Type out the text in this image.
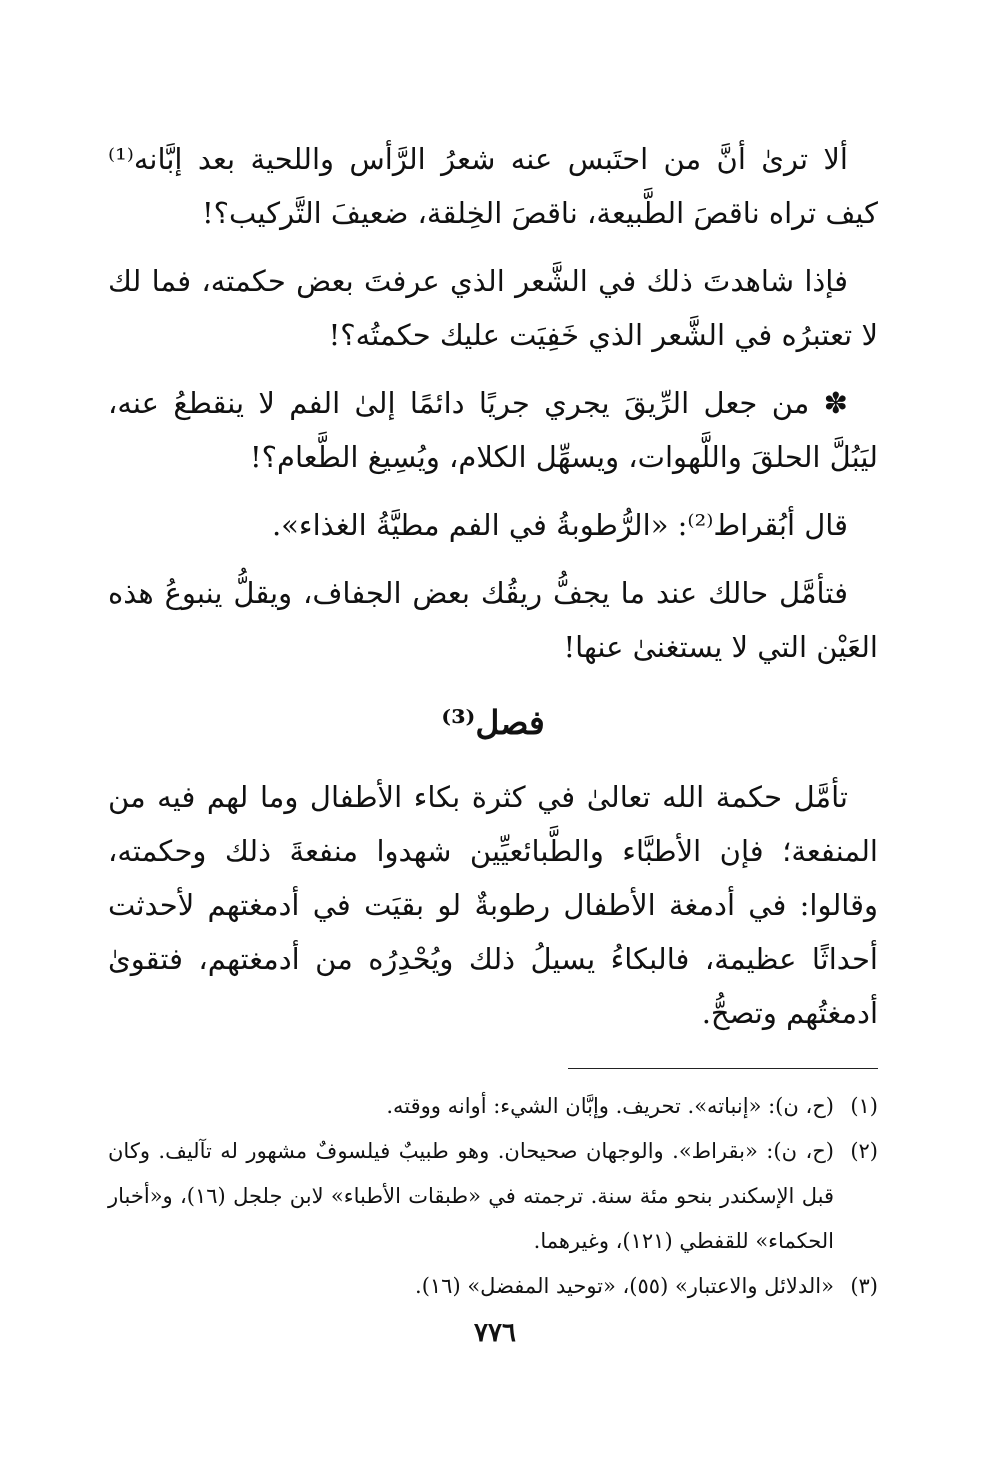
ألا ترىٰ أنَّ من احتَبس عنه شعرُ الرَّأس واللحية بعد إبَّانه⁽¹⁾ كيف تراه ناقصَ الطَّبيعة، ناقصَ الخِلقة، ضعيفَ التَّركيب؟!

فإذا شاهدتَ ذلك في الشَّعر الذي عرفتَ بعض حكمته، فما لك لا تعتبرُه في الشَّعر الذي خَفِيَت عليك حكمتُه؟!

✽ من جعل الرِّيقَ يجري جريًا دائمًا إلىٰ الفم لا ينقطعُ عنه، ليَبُلَّ الحلقَ واللَّهوات، ويسهِّل الكلام، ويُسِيغ الطَّعام؟!

قال أبُقراط⁽²⁾: «الرُّطوبةُ في الفم مطيَّةُ الغذاء».

فتأمَّل حالك عند ما يجفُّ ريقُك بعض الجفاف، ويقلُّ ينبوعُ هذه العَيْن التي لا يستغنىٰ عنها!

فصل⁽³⁾

تأمَّل حكمة الله تعالىٰ في كثرة بكاء الأطفال وما لهم فيه من المنفعة؛ فإن الأطبَّاء والطَّبائعيِّين شهدوا منفعةَ ذلك وحكمته، وقالوا: في أدمغة الأطفال رطوبةٌ لو بقيَت في أدمغتهم لأحدثت أحداثًا عظيمة، فالبكاءُ يسيلُ ذلك ويُحْدِرُه من أدمغتهم، فتقوىٰ أدمغتُهم وتصحُّ.

(١)
(ح، ن): «إنباته». تحريف. وإبَّان الشيء: أوانه ووقته.
(٢)
(ح، ن): «بقراط». والوجهان صحيحان. وهو طبيبٌ فيلسوفٌ مشهور له تآليف. وكان قبل الإسكندر بنحو مئة سنة. ترجمته في «طبقات الأطباء» لابن جلجل (١٦)، و«أخبار الحكماء» للقفطي (١٢١)، وغيرهما.
(٣)
«الدلائل والاعتبار» (٥٥)، «توحيد المفضل» (١٦).
٧٧٦
